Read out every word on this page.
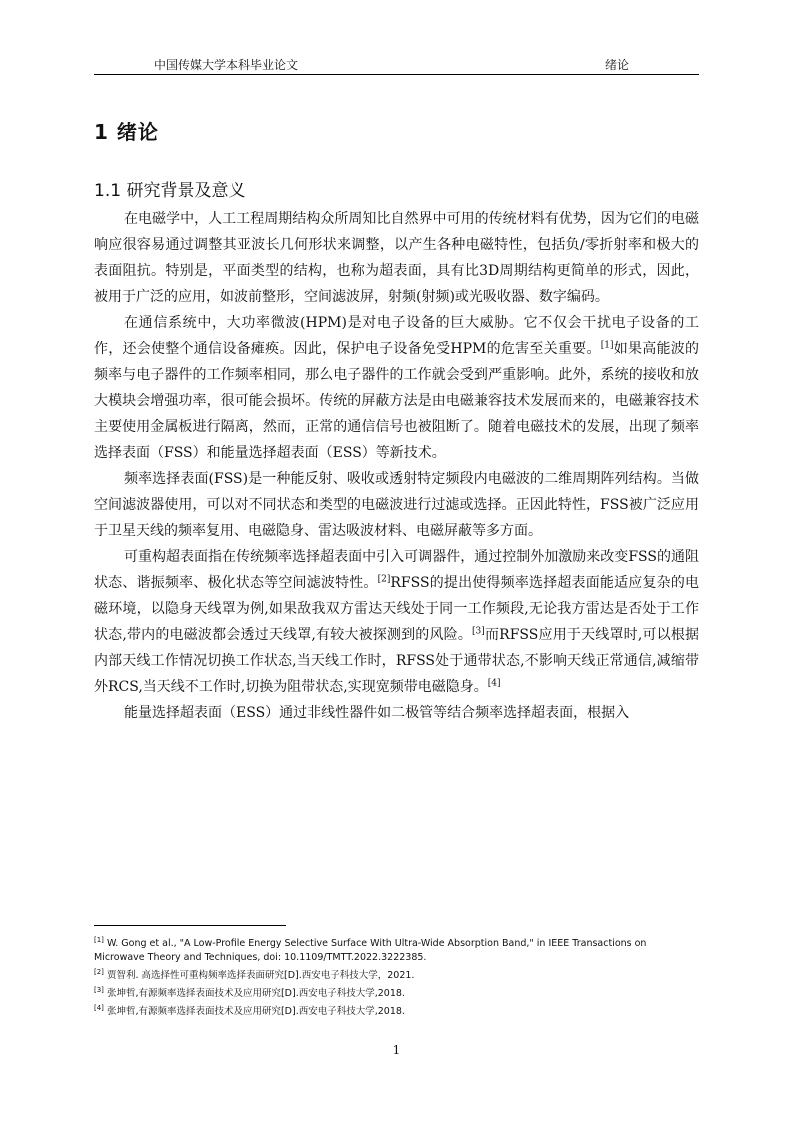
中国传媒大学本科毕业论文	绪论
1 绪论
1.1 研究背景及意义

在电磁学中，人工工程周期结构众所周知比自然界中可用的传统材料有优势，因为它们的电磁响应很容易通过调整其亚波长几何形状来调整，以产生各种电磁特性，包括负/零折射率和极大的表面阻抗。特别是，平面类型的结构，也称为超表面，具有比3D周期结构更简单的形式，因此，被用于广泛的应用，如波前整形，空间滤波屏，射频(射频)或光吸收器、数字编码。

在通信系统中，大功率微波(HPM)是对电子设备的巨大威胁。它不仅会干扰电子设备的工作，还会使整个通信设备瘫痪。因此，保护电子设备免受HPM的危害至关重要。[1]如果高能波的频率与电子器件的工作频率相同，那么电子器件的工作就会受到严重影响。此外，系统的接收和放大模块会增强功率，很可能会损坏。传统的屏蔽方法是由电磁兼容技术发展而来的，电磁兼容技术主要使用金属板进行隔离，然而，正常的通信信号也被阻断了。随着电磁技术的发展，出现了频率选择表面（FSS）和能量选择超表面（ESS）等新技术。

频率选择表面(FSS)是一种能反射、吸收或透射特定频段内电磁波的二维周期阵列结构。当做空间滤波器使用，可以对不同状态和类型的电磁波进行过滤或选择。正因此特性，FSS被广泛应用于卫星天线的频率复用、电磁隐身、雷达吸波材料、电磁屏蔽等多方面。

可重构超表面指在传统频率选择超表面中引入可调器件，通过控制外加激励来改变FSS的通阻状态、谐振频率、极化状态等空间滤波特性。[2]RFSS的提出使得频率选择超表面能适应复杂的电磁环境，以隐身天线罩为例,如果敌我双方雷达天线处于同一工作频段,无论我方雷达是否处于工作状态,带内的电磁波都会透过天线罩,有较大被探测到的风险。[3]而RFSS应用于天线罩时,可以根据内部天线工作情况切换工作状态,当天线工作时，RFSS处于通带状态,不影响天线正常通信,减缩带外RCS,当天线不工作时,切换为阻带状态,实现宽频带电磁隐身。[4]

能量选择超表面（ESS）通过非线性器件如二极管等结合频率选择超表面，根据入

[1] W. Gong et al., "A Low-Profile Energy Selective Surface With Ultra-Wide Absorption Band," in IEEE Transactions on Microwave Theory and Techniques, doi: 10.1109/TMTT.2022.3222385.

[2] 贾智利. 高选择性可重构频率选择表面研究[D].西安电子科技大学，2021.

[3] 张坤哲,有源频率选择表面技术及应用研究[D].西安电子科技大学,2018.

[4] 张坤哲,有源频率选择表面技术及应用研究[D].西安电子科技大学,2018.

1
